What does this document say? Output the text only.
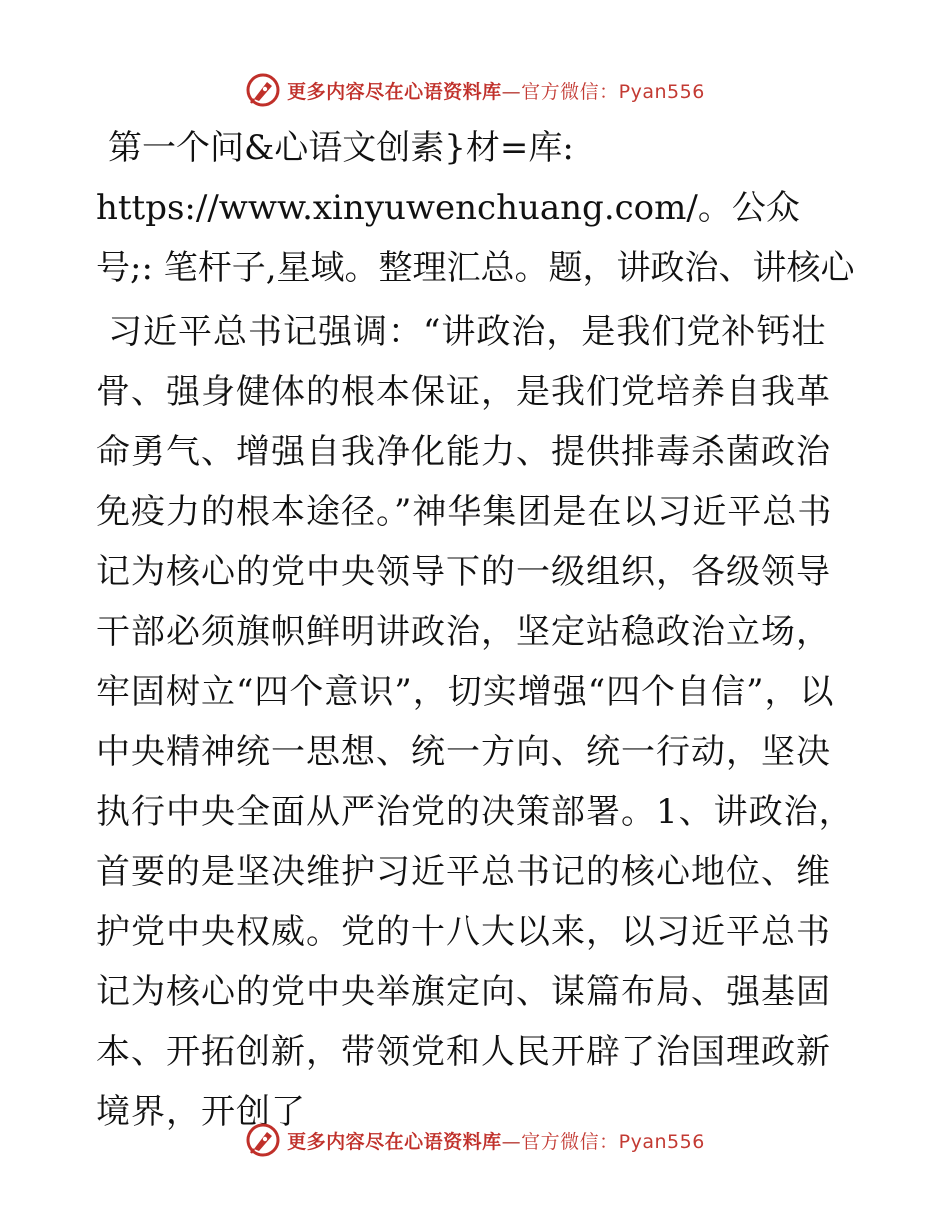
更多内容尽在心语资料库—官方微信：Pyan556

第一个问&心语文创素}材=库: https://www.xinyuwenchuang.com/。公众号;: 笔杆子,星域。整理汇总。题，讲政治、讲核心

习近平总书记强调：“讲政治，是我们党补钙壮骨、强身健体的根本保证，是我们党培养自我革命勇气、增强自我净化能力、提供排毒杀菌政治免疫力的根本途径。”神华集团是在以习近平总书记为核心的党中央领导下的一级组织，各级领导干部必须旗帜鲜明讲政治，坚定站稳政治立场，牢固树立“四个意识”，切实增强“四个自信”，以中央精神统一思想、统一方向、统一行动，坚决执行中央全面从严治党的决策部署。1、讲政治，首要的是坚决维护习近平总书记的核心地位、维护党中央权威。党的十八大以来，以习近平总书记为核心的党中央举旗定向、谋篇布局、强基固本、开拓创新，带领党和人民开辟了治国理政新境界，开创了

更多内容尽在心语资料库—官方微信：Pyan556
